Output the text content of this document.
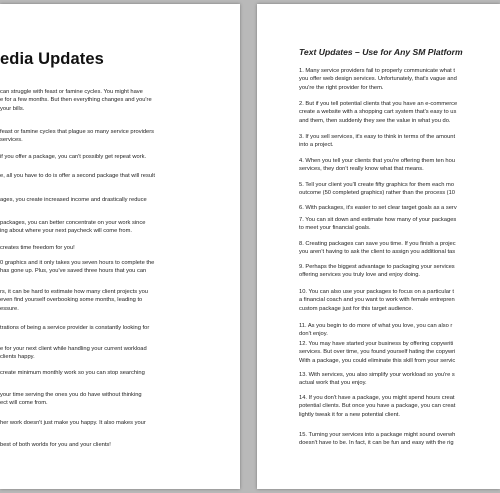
edia Updates
can struggle with feast or famine cycles. You might have
e for a few months. But then everything changes and you're
your bills.
feast or famine cycles that plague so many service providers
services.
if you offer a package, you can't possibly get repeat work.
e, all you have to do is offer a second package that will result
ages, you create increased income and drastically reduce
packages, you can better concentrate on your work since
ing about where your next paycheck will come from.
creates time freedom for you!
0 graphics and it only takes you seven hours to complete the
has gone up. Plus, you've saved three hours that you can
rs, it can be hard to estimate how many client projects you
even find yourself overbooking some months, leading to
essure.
trations of being a service provider is constantly looking for
e for your next client while handling your current workload
clients happy.
create minimum monthly work so you can stop searching
your time serving the ones you do have without thinking
ect will come from.
her work doesn't just make you happy. It also makes your
best of both worlds for you and your clients!
Text Updates – Use for Any SM Platform
1. Many service providers fail to properly communicate what t
you offer web design services. Unfortunately, that's vague and
you're the right provider for them.
2. But if you tell potential clients that you have an e-commerce
create a website with a shopping cart system that's easy to us
and them, then suddenly they see the value in what you do.
3. If you sell services, it's easy to think in terms of the amount
into a project.
4. When you tell your clients that you're offering them ten hou
services, they don't really know what that means.
5. Tell your client you'll create fifty graphics for them each mo
outcome (50 completed graphics) rather than the process (10
6. With packages, it's easier to set clear target goals as a serv
7. You can sit down and estimate how many of your packages
to meet your financial goals.
8. Creating packages can save you time. If you finish a projec
you aren't having to ask the client to assign you additional tas
9. Perhaps the biggest advantage to packaging your services
offering services you truly love and enjoy doing.
10. You can also use your packages to focus on a particular t
a financial coach and you want to work with female entrepren
custom package just for this target audience.
11. As you begin to do more of what you love, you can also r
don't enjoy.
12. You may have started your business by offering copywriti
services. But over time, you found yourself hating the copywri
With a package, you could eliminate this skill from your servic
13. With services, you also simplify your workload so you're s
actual work that you enjoy.
14. If you don't have a package, you might spend hours creat
potential clients. But once you have a package, you can creat
lightly tweak it for a new potential client.
15. Turning your services into a package might sound overwh
doesn't have to be. In fact, it can be fun and easy with the rig
